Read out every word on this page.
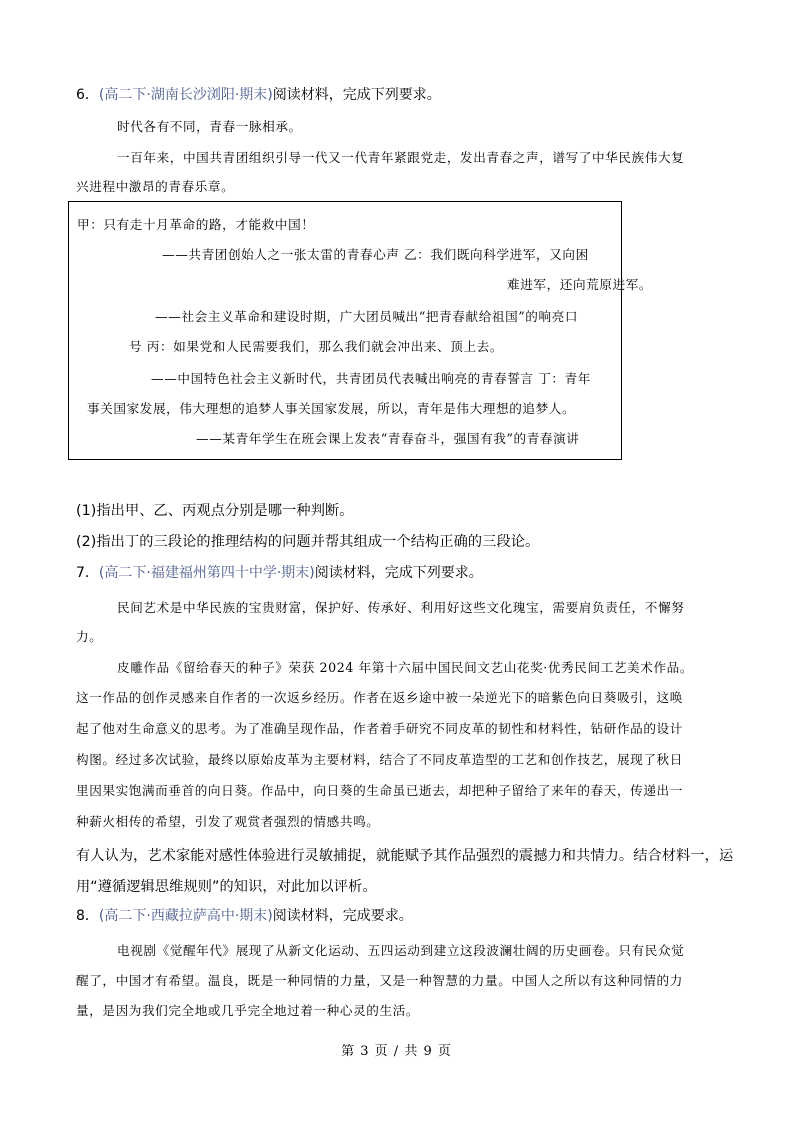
6．(高二下·湖南长沙浏阳·期末)阅读材料，完成下列要求。
时代各有不同，青春一脉相承。
一百年来，中国共青团组织引导一代又一代青年紧跟党走，发出青春之声，谱写了中华民族伟大复
兴进程中激昂的青春乐章。
甲：只有走十月革命的路，才能救中国！
——共青团创始人之一张太雷的青春心声 乙：我们既向科学进军，又向困
难进军，还向荒原进军。
——社会主义革命和建设时期，广大团员喊出“把青春献给祖国”的响亮口
号 丙：如果党和人民需要我们，那么我们就会冲出来、顶上去。
——中国特色社会主义新时代，共青团员代表喊出响亮的青春誓言 丁：青年
事关国家发展，伟大理想的追梦人事关国家发展，所以，青年是伟大理想的追梦人。
——某青年学生在班会课上发表“青春奋斗，强国有我”的青春演讲
(1)指出甲、乙、丙观点分别是哪一种判断。
(2)指出丁的三段论的推理结构的问题并帮其组成一个结构正确的三段论。
7．(高二下·福建福州第四十中学·期末)阅读材料，完成下列要求。
民间艺术是中华民族的宝贵财富，保护好、传承好、利用好这些文化瑰宝，需要肩负责任，不懈努
力。
皮雕作品《留给春天的种子》荣获 2024 年第十六届中国民间文艺山花奖·优秀民间工艺美术作品。
这一作品的创作灵感来自作者的一次返乡经历。作者在返乡途中被一朵逆光下的暗紫色向日葵吸引，这唤
起了他对生命意义的思考。为了准确呈现作品，作者着手研究不同皮革的韧性和材料性，钻研作品的设计
构图。经过多次试验，最终以原始皮革为主要材料，结合了不同皮革造型的工艺和创作技艺，展现了秋日
里因果实饱满而垂首的向日葵。作品中，向日葵的生命虽已逝去，却把种子留给了来年的春天，传递出一
种薪火相传的希望，引发了观赏者强烈的情感共鸣。
有人认为，艺术家能对感性体验进行灵敏捕捉，就能赋予其作品强烈的震撼力和共情力。结合材料一，运
用“遵循逻辑思维规则”的知识，对此加以评析。
8．(高二下·西藏拉萨高中·期末)阅读材料，完成要求。
电视剧《觉醒年代》展现了从新文化运动、五四运动到建立这段波澜壮阔的历史画卷。只有民众觉
醒了，中国才有希望。温良，既是一种同情的力量，又是一种智慧的力量。中国人之所以有这种同情的力
量，是因为我们完全地或几乎完全地过着一种心灵的生活。
第 3 页 / 共 9 页
